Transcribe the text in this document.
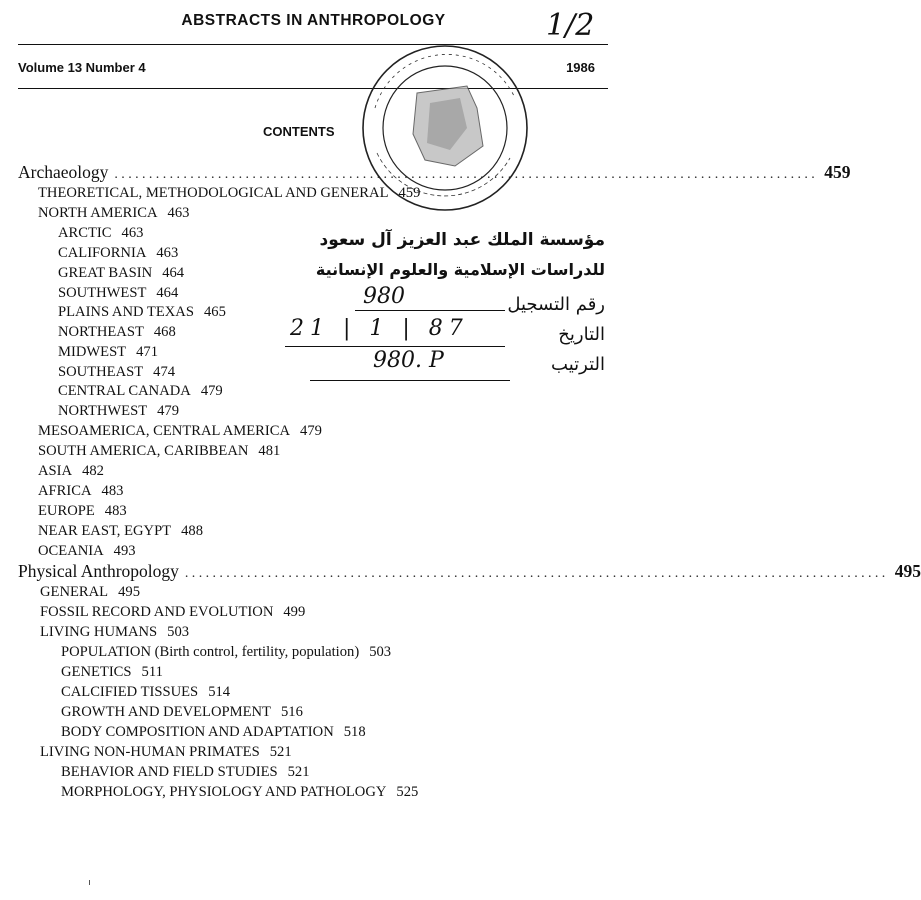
ABSTRACTS IN ANTHROPOLOGY
Volume 13 Number 4	1986
1/2
CONTENTS
مؤسسة الملك عبد العزيز آل سعود
للدراسات الإسلامية والعلوم الإنسانية
رقم التسجيل
التاريخ
الترتيب
980
21 | 1 | 87
980. P
Archaeology ...................................................................................................... 459
THEORETICAL, METHODOLOGICAL AND GENERAL 459
NORTH AMERICA 463
ARCTIC 463
CALIFORNIA 463
GREAT BASIN 464
SOUTHWEST 464
PLAINS AND TEXAS 465
NORTHEAST 468
MIDWEST 471
SOUTHEAST 474
CENTRAL CANADA 479
NORTHWEST 479
MESOAMERICA, CENTRAL AMERICA 479
SOUTH AMERICA, CARIBBEAN 481
ASIA 482
AFRICA 483
EUROPE 483
NEAR EAST, EGYPT 488
OCEANIA 493
Physical Anthropology ...................................................................................................... 495
GENERAL 495
FOSSIL RECORD AND EVOLUTION 499
LIVING HUMANS 503
POPULATION (Birth control, fertility, population) 503
GENETICS 511
CALCIFIED TISSUES 514
GROWTH AND DEVELOPMENT 516
BODY COMPOSITION AND ADAPTATION 518
LIVING NON-HUMAN PRIMATES 521
BEHAVIOR AND FIELD STUDIES 521
MORPHOLOGY, PHYSIOLOGY AND PATHOLOGY 525
